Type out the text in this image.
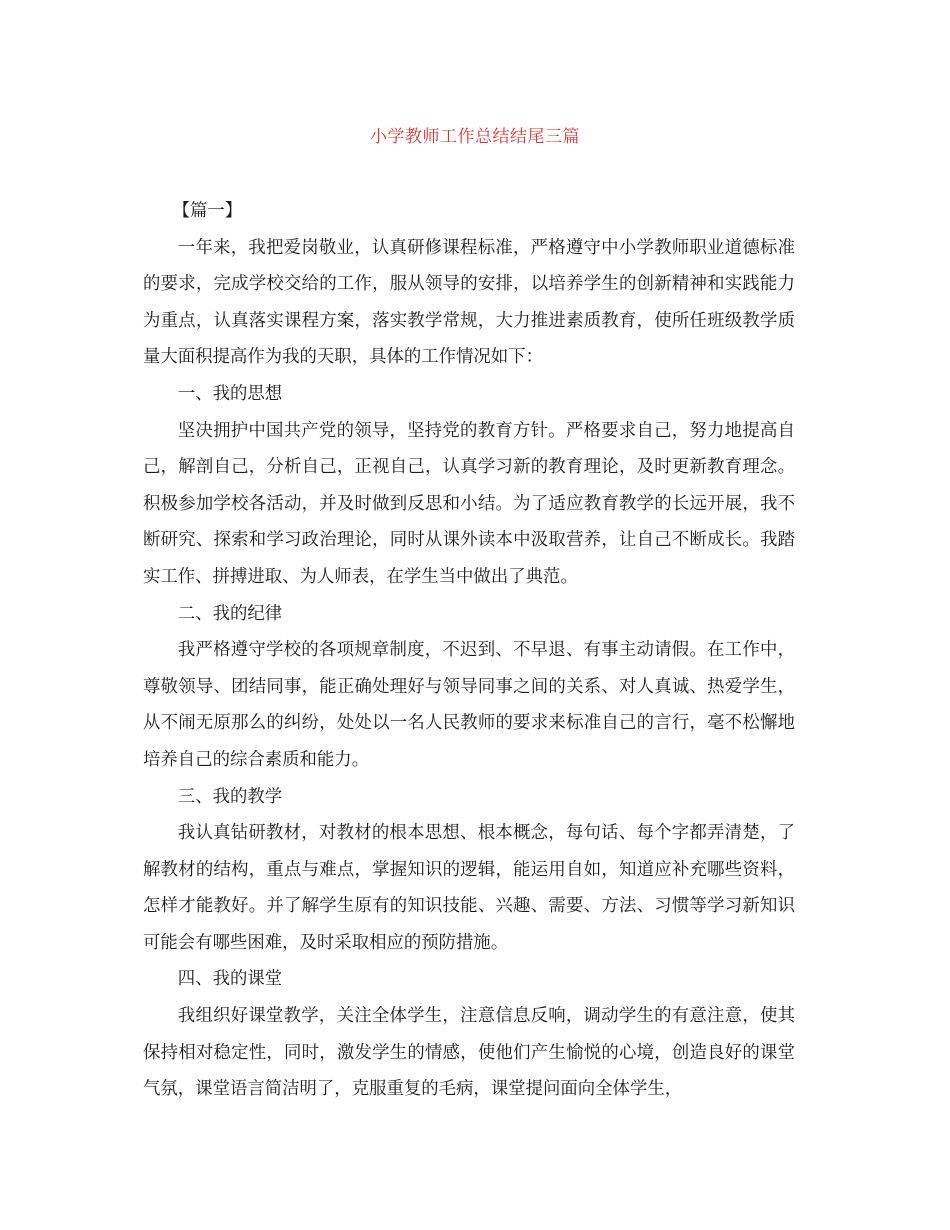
小学教师工作总结结尾三篇

【篇一】

一年来，我把爱岗敬业，认真研修课程标准，严格遵守中小学教师职业道德标准的要求，完成学校交给的工作，服从领导的安排，以培养学生的创新精神和实践能力为重点，认真落实课程方案，落实教学常规，大力推进素质教育，使所任班级教学质量大面积提高作为我的天职，具体的工作情况如下：

一、我的思想

坚决拥护中国共产党的领导，坚持党的教育方针。严格要求自己，努力地提高自己，解剖自己，分析自己，正视自己，认真学习新的教育理论，及时更新教育理念。积极参加学校各活动，并及时做到反思和小结。为了适应教育教学的长远开展，我不断研究、探索和学习政治理论，同时从课外读本中汲取营养，让自己不断成长。我踏实工作、拼搏进取、为人师表，在学生当中做出了典范。

二、我的纪律

我严格遵守学校的各项规章制度，不迟到、不早退、有事主动请假。在工作中，尊敬领导、团结同事，能正确处理好与领导同事之间的关系、对人真诚、热爱学生，从不闹无原那么的纠纷，处处以一名人民教师的要求来标准自己的言行，毫不松懈地培养自己的综合素质和能力。

三、我的教学

我认真钻研教材，对教材的根本思想、根本概念，每句话、每个字都弄清楚，了解教材的结构，重点与难点，掌握知识的逻辑，能运用自如，知道应补充哪些资料，怎样才能教好。并了解学生原有的知识技能、兴趣、需要、方法、习惯等学习新知识可能会有哪些困难，及时采取相应的预防措施。

四、我的课堂

我组织好课堂教学，关注全体学生，注意信息反响，调动学生的有意注意，使其保持相对稳定性，同时，激发学生的情感，使他们产生愉悦的心境，创造良好的课堂气氛，课堂语言简洁明了，克服重复的毛病，课堂提问面向全体学生，
